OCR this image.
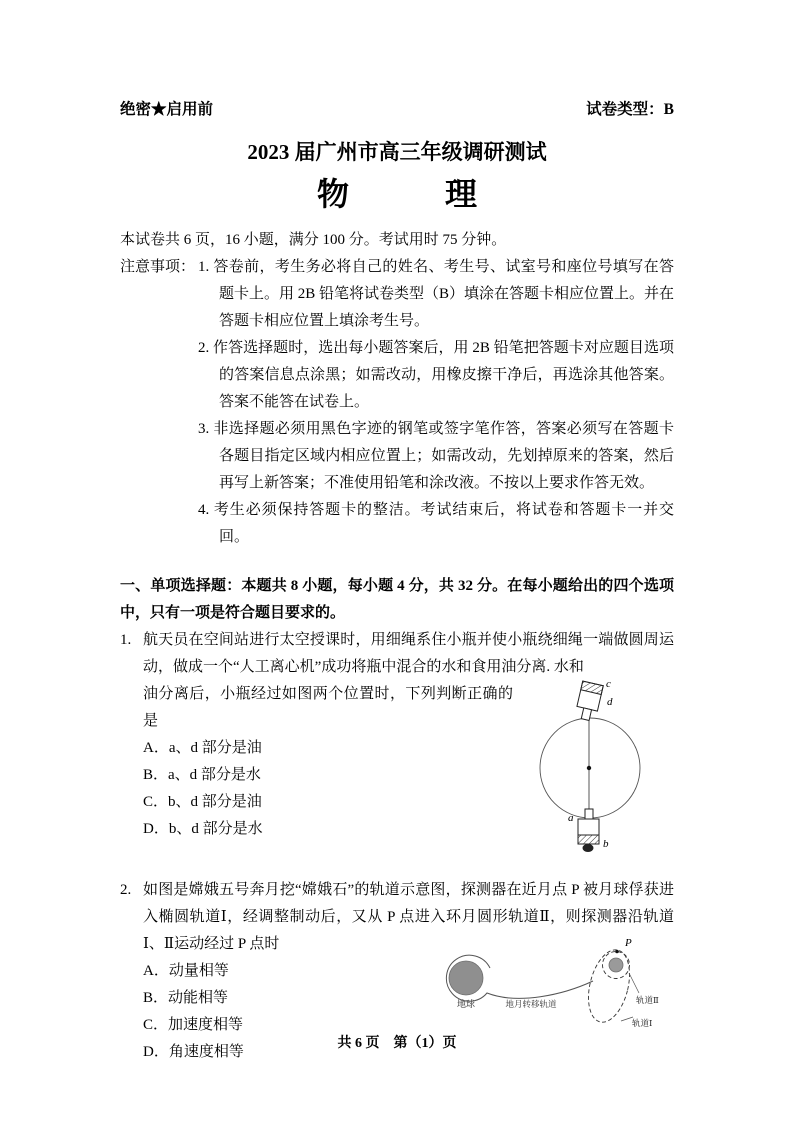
绝密★启用前	试卷类型：B
2023 届广州市高三年级调研测试
物　　　理

本试卷共 6 页，16 小题，满分 100 分。考试用时 75 分钟。

注意事项： 1. 答卷前，考生务必将自己的姓名、考生号、试室号和座位号填写在答题卡上。用 2B 铅笔将试卷类型（B）填涂在答题卡相应位置上。并在答题卡相应位置上填涂考生号。

2. 作答选择题时，选出每小题答案后，用 2B 铅笔把答题卡对应题目选项的答案信息点涂黑；如需改动，用橡皮擦干净后，再选涂其他答案。答案不能答在试卷上。

3. 非选择题必须用黑色字迹的钢笔或签字笔作答，答案必须写在答题卡各题目指定区域内相应位置上；如需改动，先划掉原来的答案，然后再写上新答案；不准使用铅笔和涂改液。不按以上要求作答无效。

4. 考生必须保持答题卡的整洁。考试结束后，将试卷和答题卡一并交回。

一、单项选择题：本题共 8 小题，每小题 4 分，共 32 分。在每小题给出的四个选项中，只有一项是符合题目要求的。

1. 航天员在空间站进行太空授课时，用细绳系住小瓶并使小瓶绕细绳一端做圆周运动，做成一个“人工离心机”成功将瓶中混合的水和食用油分离. 水和

油分离后，小瓶经过如图两个位置时，下列判断正确的是

A．a、d 部分是油
B．a、d 部分是水
C．b、d 部分是油
D．b、d 部分是水
c
d
a
b
2. 如图是嫦娥五号奔月挖“嫦娥石”的轨道示意图，探测器在近月点 P 被月球俘获进入椭圆轨道Ⅰ，经调整制动后，又从 P 点进入环月圆形轨道Ⅱ，则探测器沿轨道Ⅰ、Ⅱ运动经过 P 点时

A．动量相等
B．动能相等
C．加速度相等
D．角速度相等
地球	地月转移轨道
P
轨道Ⅱ
轨道Ⅰ
共 6 页　第（1）页
